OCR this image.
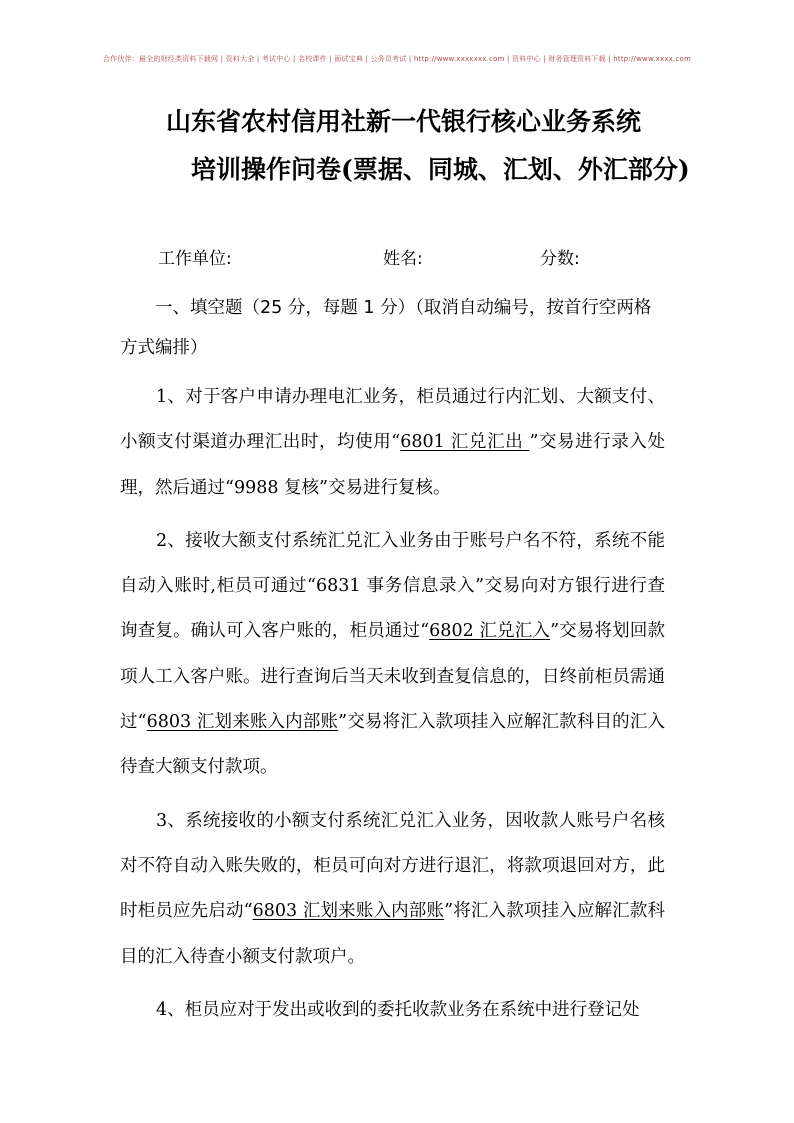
合作伙伴：最全的财经类资料下载网 | 资料大全 | 考试中心 | 名校课件 | 面试宝典 | 公务员考试 | http://www.xxxxxxx.com | 资料中心 | 财务管理资料下载 | http://www.xxxx.com
山东省农村信用社新一代银行核心业务系统
培训操作问卷(票据、同城、汇划、外汇部分)
工作单位:	姓名:	分数:
一、填空题（25 分，每题 1 分）（取消自动编号，按首行空两格
方式编排）

1、对于客户申请办理电汇业务，柜员通过行内汇划、大额支付、小额支付渠道办理汇出时，均使用“6801 汇兑汇出 ”交易进行录入处理，然后通过“9988 复核”交易进行复核。

2、接收大额支付系统汇兑汇入业务由于账号户名不符，系统不能自动入账时,柜员可通过“6831 事务信息录入”交易向对方银行进行查询查复。确认可入客户账的，柜员通过“6802 汇兑汇入”交易将划回款项人工入客户账。进行查询后当天未收到查复信息的，日终前柜员需通过“6803 汇划来账入内部账”交易将汇入款项挂入应解汇款科目的汇入待查大额支付款项。

3、系统接收的小额支付系统汇兑汇入业务，因收款人账号户名核对不符自动入账失败的，柜员可向对方进行退汇，将款项退回对方，此时柜员应先启动“6803 汇划来账入内部账”将汇入款项挂入应解汇款科目的汇入待查小额支付款项户。

4、柜员应对于发出或收到的委托收款业务在系统中进行登记处
